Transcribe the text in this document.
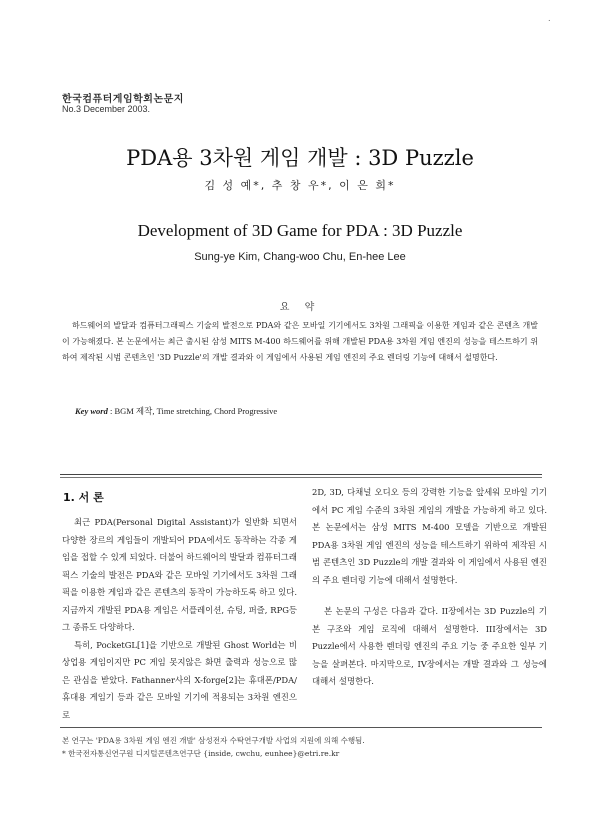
.
한국컴퓨터게임학회논문지
No.3 December 2003.
PDA용 3차원 게임 개발 : 3D Puzzle
김 성 예*, 추 창 우*, 이 은 희*
Development of 3D Game for PDA : 3D Puzzle
Sung-ye Kim, Chang-woo Chu, En-hee Lee
요 약
하드웨어의 발달과 컴퓨터그래픽스 기술의 발전으로 PDA와 같은 모바일 기기에서도 3차원 그래픽을 이용한 게임과 같은 콘텐츠 개발이 가능해졌다. 본 논문에서는 최근 출시된 삼성 MITS M-400 하드웨어를 위해 개발된 PDA용 3차원 게임 엔진의 성능을 테스트하기 위하여 제작된 시범 콘텐츠인 '3D Puzzle'의 개발 결과와 이 게임에서 사용된 게임 엔진의 주요 렌더링 기능에 대해서 설명한다.
Key word : BGM 제작, Time stretching, Chord Progressive
1. 서 론

최근 PDA(Personal Digital Assistant)가 일반화 되면서 다양한 장르의 게임들이 개발되어 PDA에서도 동작하는 각종 게임을 접할 수 있게 되었다. 더불어 하드웨어의 발달과 컴퓨터그래픽스 기술의 발전은 PDA와 같은 모바일 기기에서도 3차원 그래픽을 이용한 게임과 같은 콘텐츠의 동작이 가능하도록 하고 있다. 지금까지 개발된 PDA용 게임은 서플레이션, 슈팅, 퍼즐, RPG등 그 종류도 다양하다.

특히, PocketGL[1]을 기반으로 개발된 Ghost World는 비상업용 게임이지만 PC 게임 못지않은 화면 출력과 성능으로 많은 관심을 받았다. Fathanner사의 X-forge[2]는 휴대폰/PDA/휴대용 게임기 등과 같은 모바일 기기에 적용되는 3차원 엔진으로

2D, 3D, 다채널 오디오 등의 강력한 기능을 앞세워 모바일 기기에서 PC 게임 수준의 3차원 게임의 개발을 가능하게 하고 있다. 본 논문에서는 삼성 MITS M-400 모델을 기반으로 개발된 PDA용 3차원 게임 엔진의 성능을 테스트하기 위하여 제작된 시범 콘텐츠인 3D Puzzle의 개발 결과와 이 게임에서 사용된 엔진의 주요 렌더링 기능에 대해서 설명한다.

본 논문의 구성은 다음과 같다. II장에서는 3D Puzzle의 기본 구조와 게임 로직에 대해서 설명한다. III장에서는 3D Puzzle에서 사용한 렌더링 엔진의 주요 기능 중 주요한 일부 기능을 살펴본다. 마지막으로, IV장에서는 개발 결과와 그 성능에 대해서 설명한다.

본 연구는 'PDA용 3차원 게임 엔진 개발' 삼성전자 수탁연구개발 사업의 지원에 의해 수행됨.
* 한국전자통신연구원 디지털콘텐츠연구단 {inside, cwchu, eunhee}@etri.re.kr
